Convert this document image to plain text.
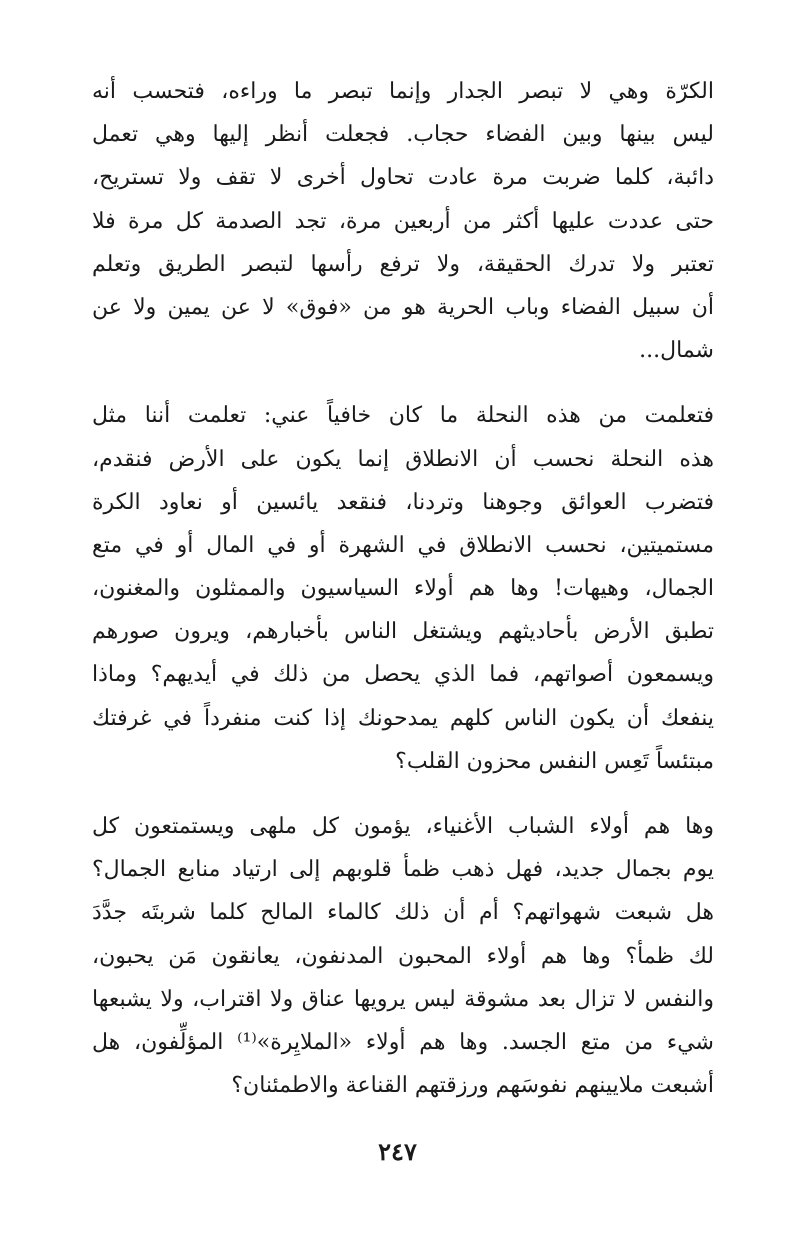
الكرّة وهي لا تبصر الجدار وإنما تبصر ما وراءه، فتحسب أنه
ليس بينها وبين الفضاء حجاب. فجعلت أنظر إليها وهي تعمل
دائبة، كلما ضربت مرة عادت تحاول أخرى لا تقف ولا تستريح،
حتى عددت عليها أكثر من أربعين مرة، تجد الصدمة كل مرة فلا
تعتبر ولا تدرك الحقيقة، ولا ترفع رأسها لتبصر الطريق وتعلم
أن سبيل الفضاء وباب الحرية هو من «فوق» لا عن يمين ولا عن
شمال...

فتعلمت من هذه النحلة ما كان خافياً عني: تعلمت أننا مثل
هذه النحلة نحسب أن الانطلاق إنما يكون على الأرض فنقدم،
فتضرب العوائق وجوهنا وتردنا، فنقعد يائسين أو نعاود الكرة
مستميتين، نحسب الانطلاق في الشهرة أو في المال أو في متع
الجمال، وهيهات! وها هم أولاء السياسيون والممثلون والمغنون،
تطبق الأرض بأحاديثهم ويشتغل الناس بأخبارهم، ويرون صورهم
ويسمعون أصواتهم، فما الذي يحصل من ذلك في أيديهم؟ وماذا
ينفعك أن يكون الناس كلهم يمدحونك إذا كنت منفرداً في غرفتك
مبتئساً تَعِس النفس محزون القلب؟

وها هم أولاء الشباب الأغنياء، يؤمون كل ملهى ويستمتعون كل
يوم بجمال جديد، فهل ذهب ظمأ قلوبهم إلى ارتياد منابع الجمال؟
هل شبعت شهواتهم؟ أم أن ذلك كالماء المالح كلما شربتَه جدَّدَ
لك ظمأ؟ وها هم أولاء المحبون المدنفون، يعانقون مَن يحبون،
والنفس لا تزال بعد مشوقة ليس يرويها عناق ولا اقتراب، ولا يشبعها
شيء من متع الجسد. وها هم أولاء «الملايِرة»⁽¹⁾ المؤلِّفون، هل
أشبعت ملايينهم نفوسَهم ورزقتهم القناعة والاطمئنان؟

٢٤٧
